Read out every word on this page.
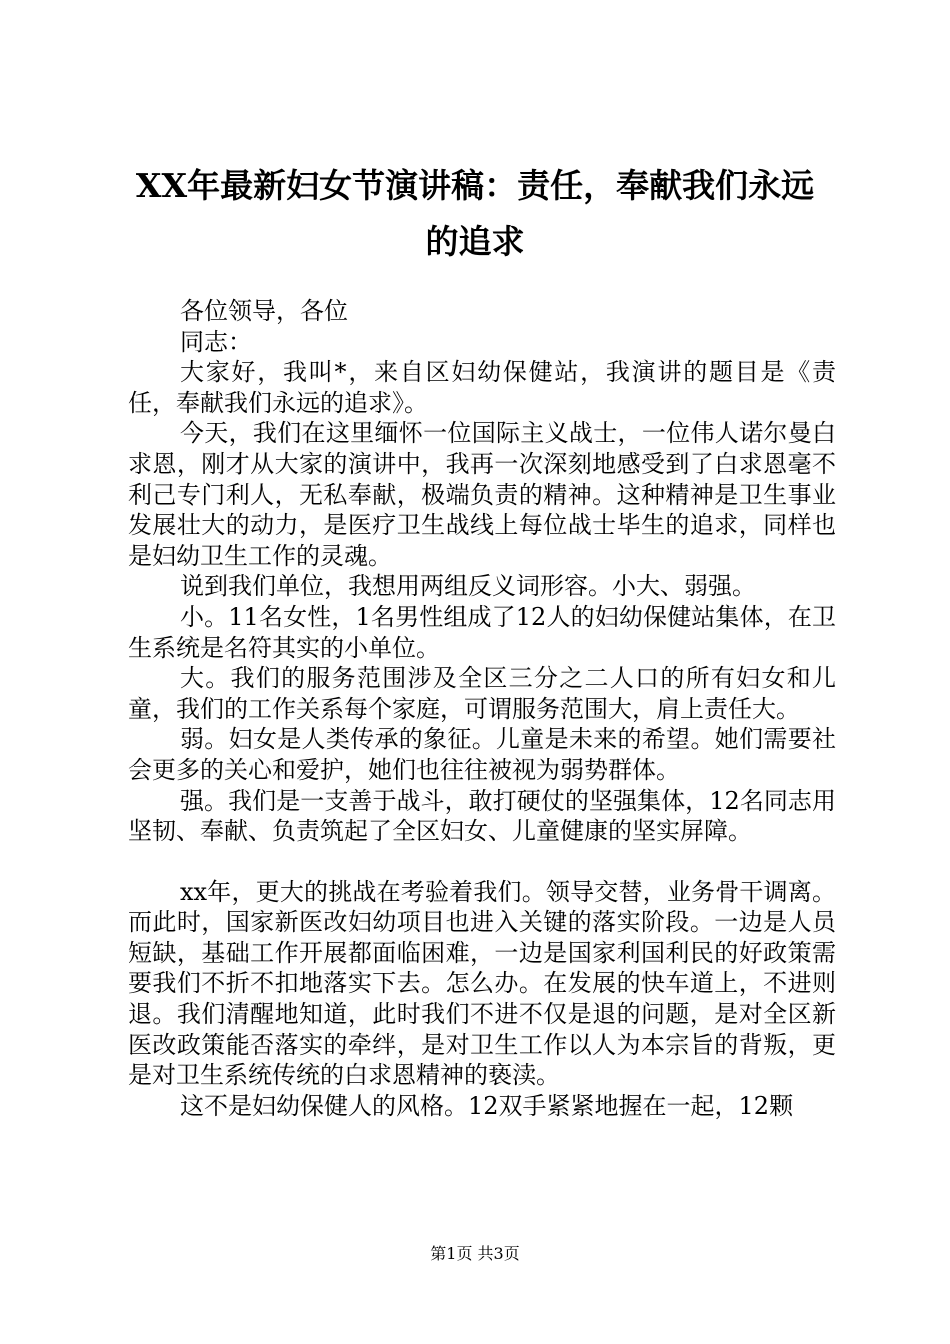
XX年最新妇女节演讲稿：责任，奉献我们永远的追求

各位领导，各位

同志：

大家好，我叫*，来自区妇幼保健站，我演讲的题目是《责任，奉献我们永远的追求》。

今天，我们在这里缅怀一位国际主义战士，一位伟人诺尔曼白求恩，刚才从大家的演讲中，我再一次深刻地感受到了白求恩毫不利己专门利人，无私奉献，极端负责的精神。这种精神是卫生事业发展壮大的动力，是医疗卫生战线上每位战士毕生的追求，同样也是妇幼卫生工作的灵魂。

说到我们单位，我想用两组反义词形容。小大、弱强。

小。11名女性，1名男性组成了12人的妇幼保健站集体，在卫生系统是名符其实的小单位。

大。我们的服务范围涉及全区三分之二人口的所有妇女和儿童，我们的工作关系每个家庭，可谓服务范围大，肩上责任大。

弱。妇女是人类传承的象征。儿童是未来的希望。她们需要社会更多的关心和爱护，她们也往往被视为弱势群体。

强。我们是一支善于战斗，敢打硬仗的坚强集体，12名同志用坚韧、奉献、负责筑起了全区妇女、儿童健康的坚实屏障。

xx年，更大的挑战在考验着我们。领导交替，业务骨干调离。而此时，国家新医改妇幼项目也进入关键的落实阶段。一边是人员短缺，基础工作开展都面临困难，一边是国家利国利民的好政策需要我们不折不扣地落实下去。怎么办。在发展的快车道上，不进则退。我们清醒地知道，此时我们不进不仅是退的问题，是对全区新医改政策能否落实的牵绊，是对卫生工作以人为本宗旨的背叛，更是对卫生系统传统的白求恩精神的亵渎。

这不是妇幼保健人的风格。12双手紧紧地握在一起，12颗

第1页 共3页
